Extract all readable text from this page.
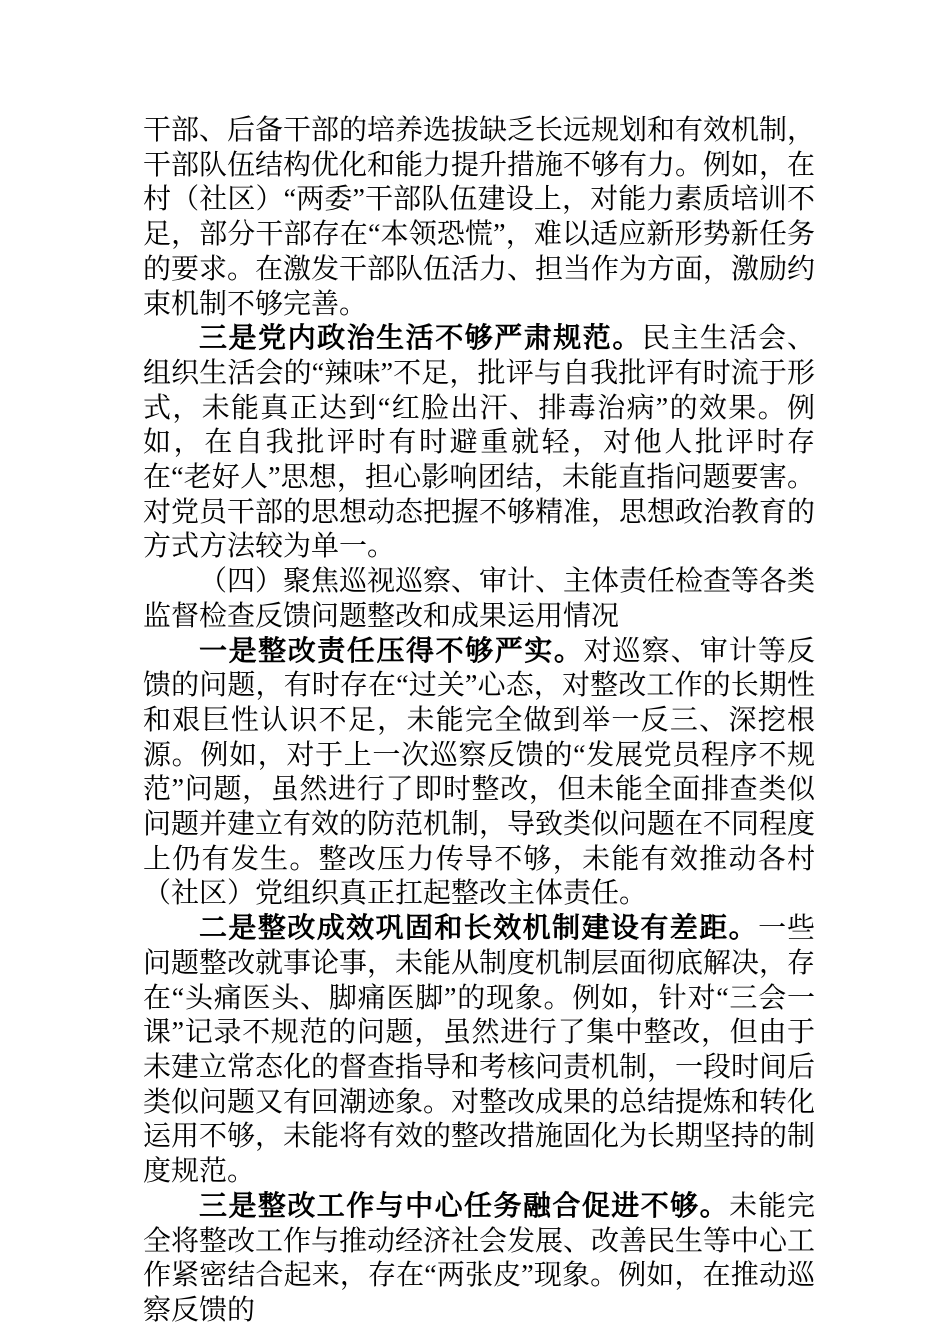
干部、后备干部的培养选拔缺乏长远规划和有效机制，干部队伍结构优化和能力提升措施不够有力。例如，在村（社区）“两委”干部队伍建设上，对能力素质培训不足，部分干部存在“本领恐慌”，难以适应新形势新任务的要求。在激发干部队伍活力、担当作为方面，激励约束机制不够完善。

三是党内政治生活不够严肃规范。民主生活会、组织生活会的“辣味”不足，批评与自我批评有时流于形式，未能真正达到“红脸出汗、排毒治病”的效果。例如，在自我批评时有时避重就轻，对他人批评时存在“老好人”思想，担心影响团结，未能直指问题要害。对党员干部的思想动态把握不够精准，思想政治教育的方式方法较为单一。

（四）聚焦巡视巡察、审计、主体责任检查等各类监督检查反馈问题整改和成果运用情况

一是整改责任压得不够严实。对巡察、审计等反馈的问题，有时存在“过关”心态，对整改工作的长期性和艰巨性认识不足，未能完全做到举一反三、深挖根源。例如，对于上一次巡察反馈的“发展党员程序不规范”问题，虽然进行了即时整改，但未能全面排查类似问题并建立有效的防范机制，导致类似问题在不同程度上仍有发生。整改压力传导不够，未能有效推动各村（社区）党组织真正扛起整改主体责任。

二是整改成效巩固和长效机制建设有差距。一些问题整改就事论事，未能从制度机制层面彻底解决，存在“头痛医头、脚痛医脚”的现象。例如，针对“三会一课”记录不规范的问题，虽然进行了集中整改，但由于未建立常态化的督查指导和考核问责机制，一段时间后类似问题又有回潮迹象。对整改成果的总结提炼和转化运用不够，未能将有效的整改措施固化为长期坚持的制度规范。

三是整改工作与中心任务融合促进不够。未能完全将整改工作与推动经济社会发展、改善民生等中心工作紧密结合起来，存在“两张皮”现象。例如，在推动巡察反馈的
